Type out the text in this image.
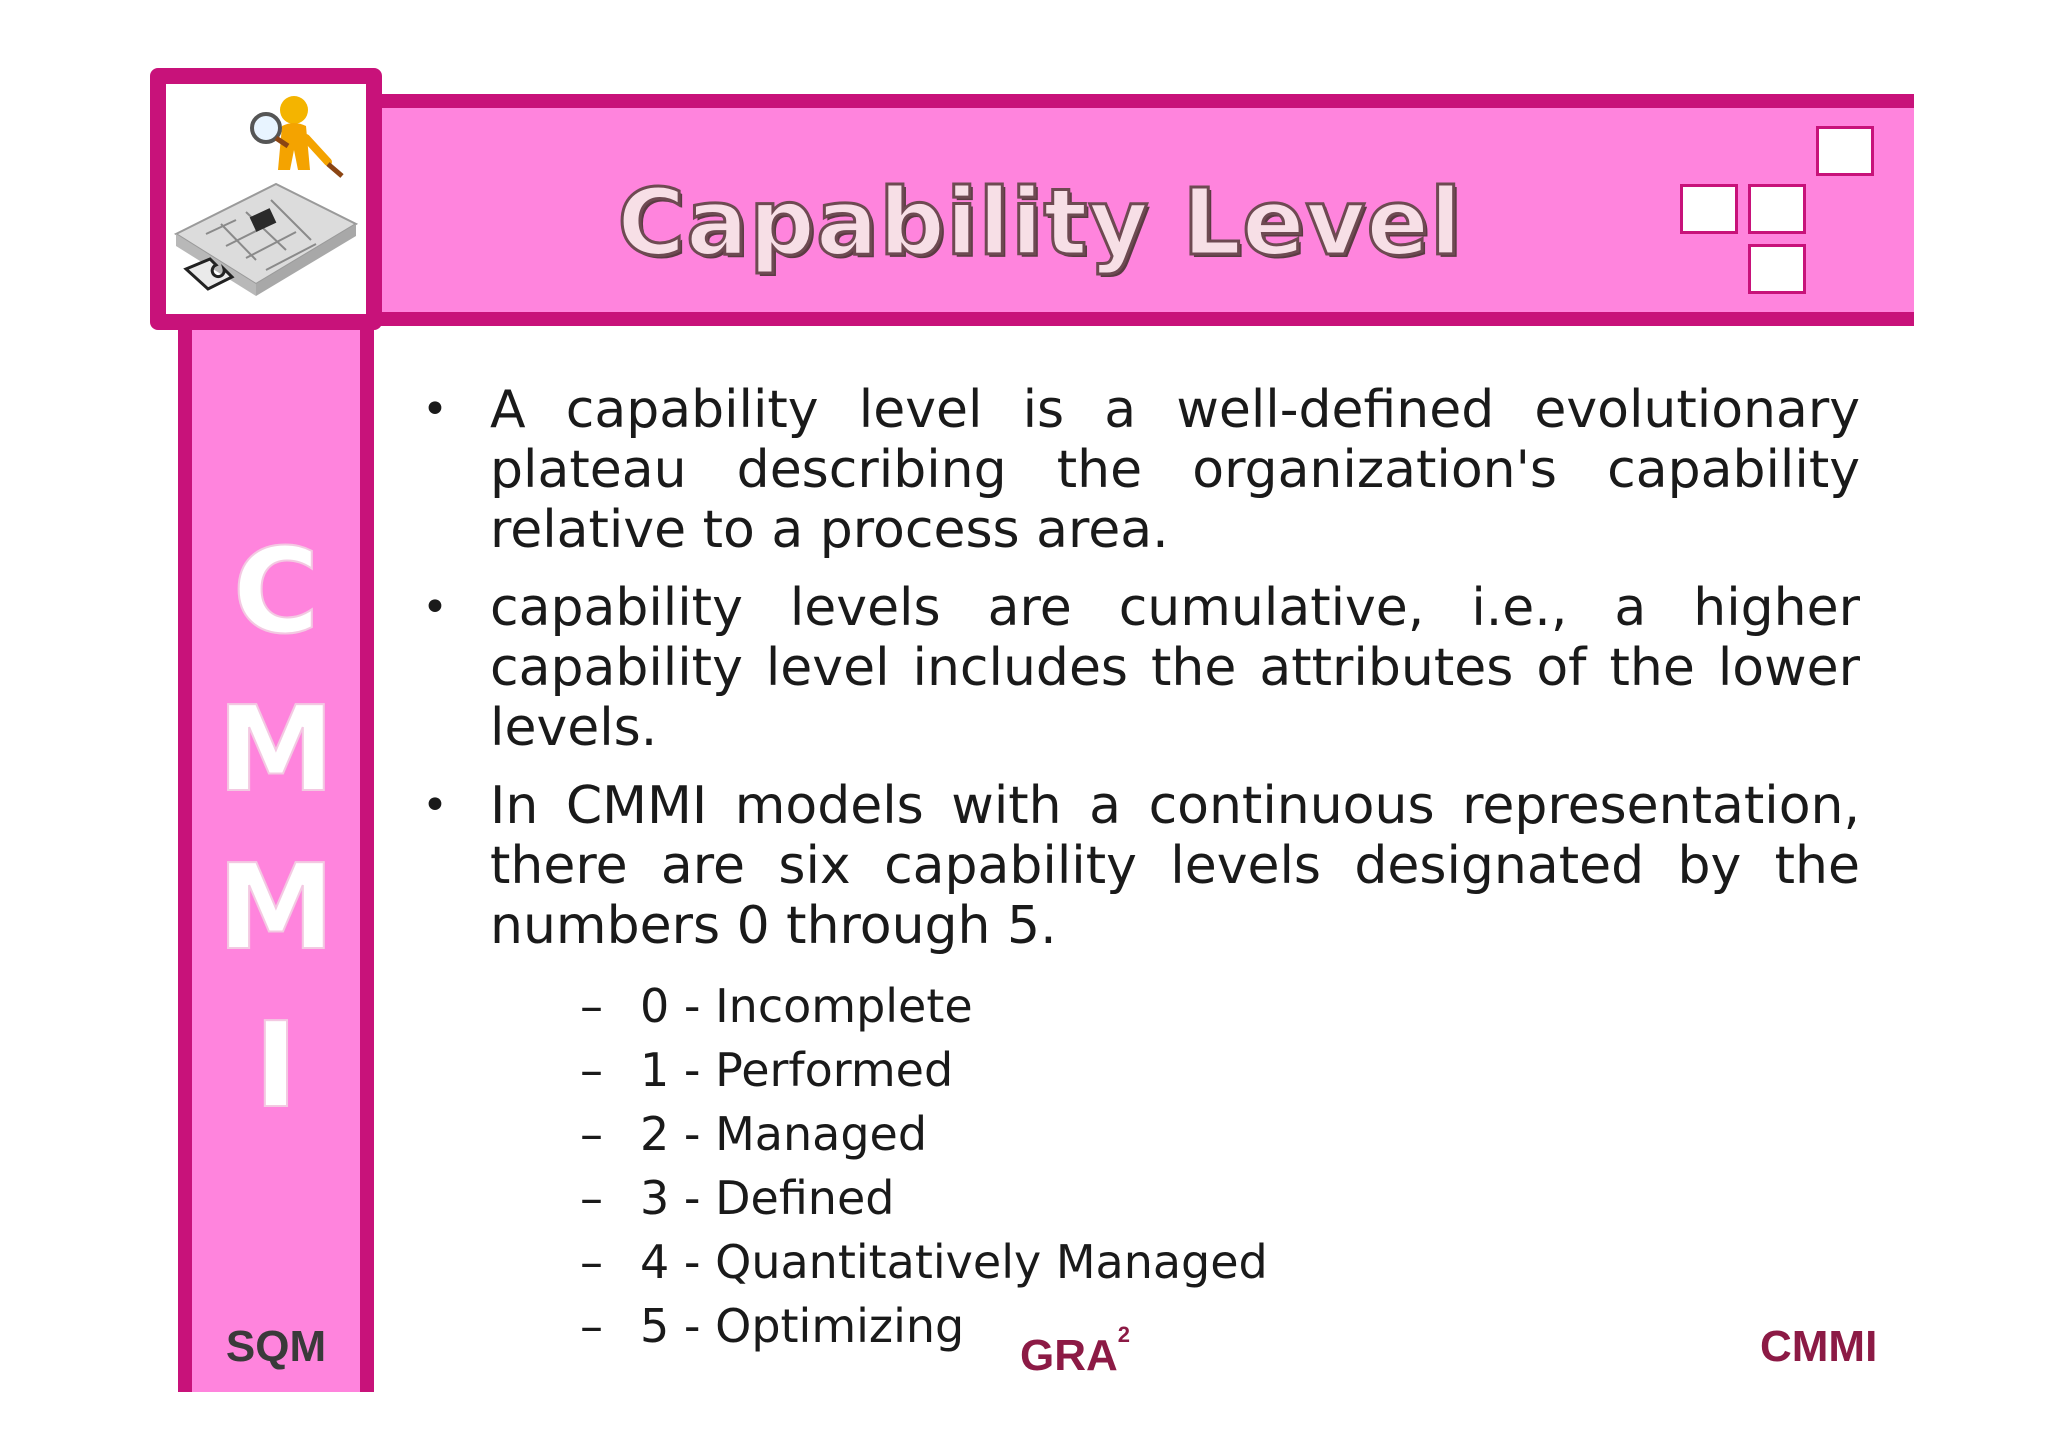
Capability Level
C
M
M
I
• A capability level is a well-defined evolutionary plateau describing the organization's capability relative to a process area.
• capability levels are cumulative, i.e., a higher capability level includes the attributes of the lower levels.
• In CMMI models with a continuous representation, there are six capability levels designated by the numbers 0 through 5.
– 0 - Incomplete
– 1 - Performed
– 2 - Managed
– 3 - Defined
– 4 - Quantitatively Managed
– 5 - Optimizing
SQM	GRA$^2$	CMMI
